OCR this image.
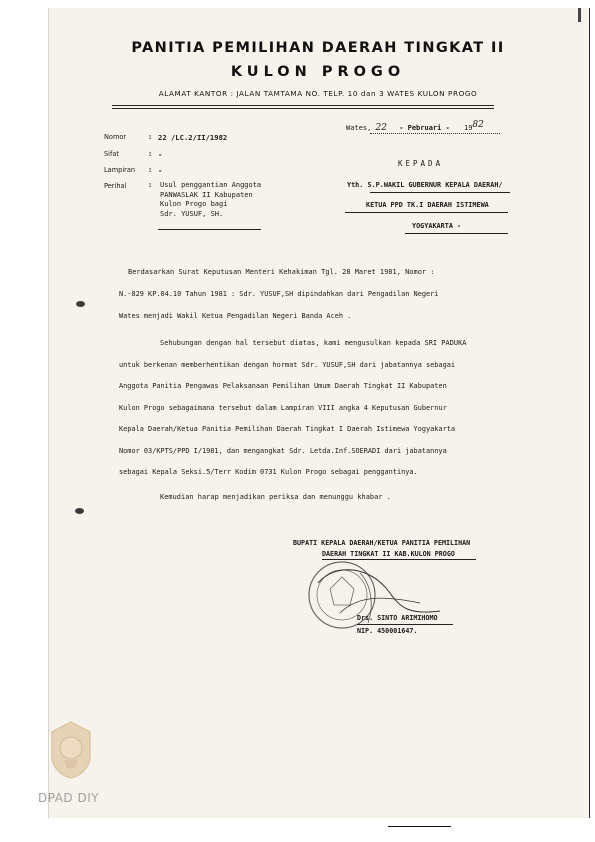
PANITIA PEMILIHAN DAERAH TINGKAT II
KULON PROGO
ALAMAT KANTOR : JALAN TAMTAMA NO. TELP. 10 dan 3 WATES KULON PROGO
Nomor	: 22 /LC.2/II/1982
Sifat	: -
Lampiran : -
Perihal	: Usul penggantian Anggota
PANWASLAK II Kabupaten
Kulon Progo bagi
Sdr. YUSUF, SH.
Wates, 22 - Pebruari - 1982
KEPADA
Yth. S.P.WAKIL GUBERNUR KEPALA DAERAH/
KETUA PPD TK.I DAERAH ISTIMEWA
YOGYAKARTA -
Berdasarkan Surat Keputusan Menteri Kehakiman Tgl. 28 Maret 1981, Nomor :
N.-829 KP.04.10 Tahun 1981 : Sdr. YUSUF,SH dipindahkan dari Pengadilan Negeri
Wates menjadi Wakil Ketua Pengadilan Negeri Banda Aceh .
Sehubungan dengan hal tersebut diatas, kami mengusulkan kepada SRI PADUKA
untuk berkenan memberhentikan dengan hormat Sdr. YUSUF,SH dari jabatannya sebagai
Anggota Panitia Pengawas Pelaksanaan Pemilihan Umum Daerah Tingkat II Kabupaten
Kulon Progo sebagaimana tersebut dalam Lampiran VIII angka 4 Keputusan Gubernur
Kepala Daerah/Ketua Panitia Pemilihan Daerah Tingkat I Daerah Istimewa Yogyakarta
Nomor 03/KPTS/PPD I/1981, dan mengangkat Sdr. Letda.Inf.SOERADI dari jabatannya
sebagai Kepala Seksi.5/Terr Kodim 0731 Kulon Progo sebagai penggantinya.
Kemudian harap menjadikan periksa dan menunggu khabar .
BUPATI KEPALA DAERAH/KETUA PANITIA PEMILIHAN
DAERAH TINGKAT II KAB.KULON PROGO
Drs. SINTO ARIMIHOMO
NIP. 450001647.
DPAD DIY
